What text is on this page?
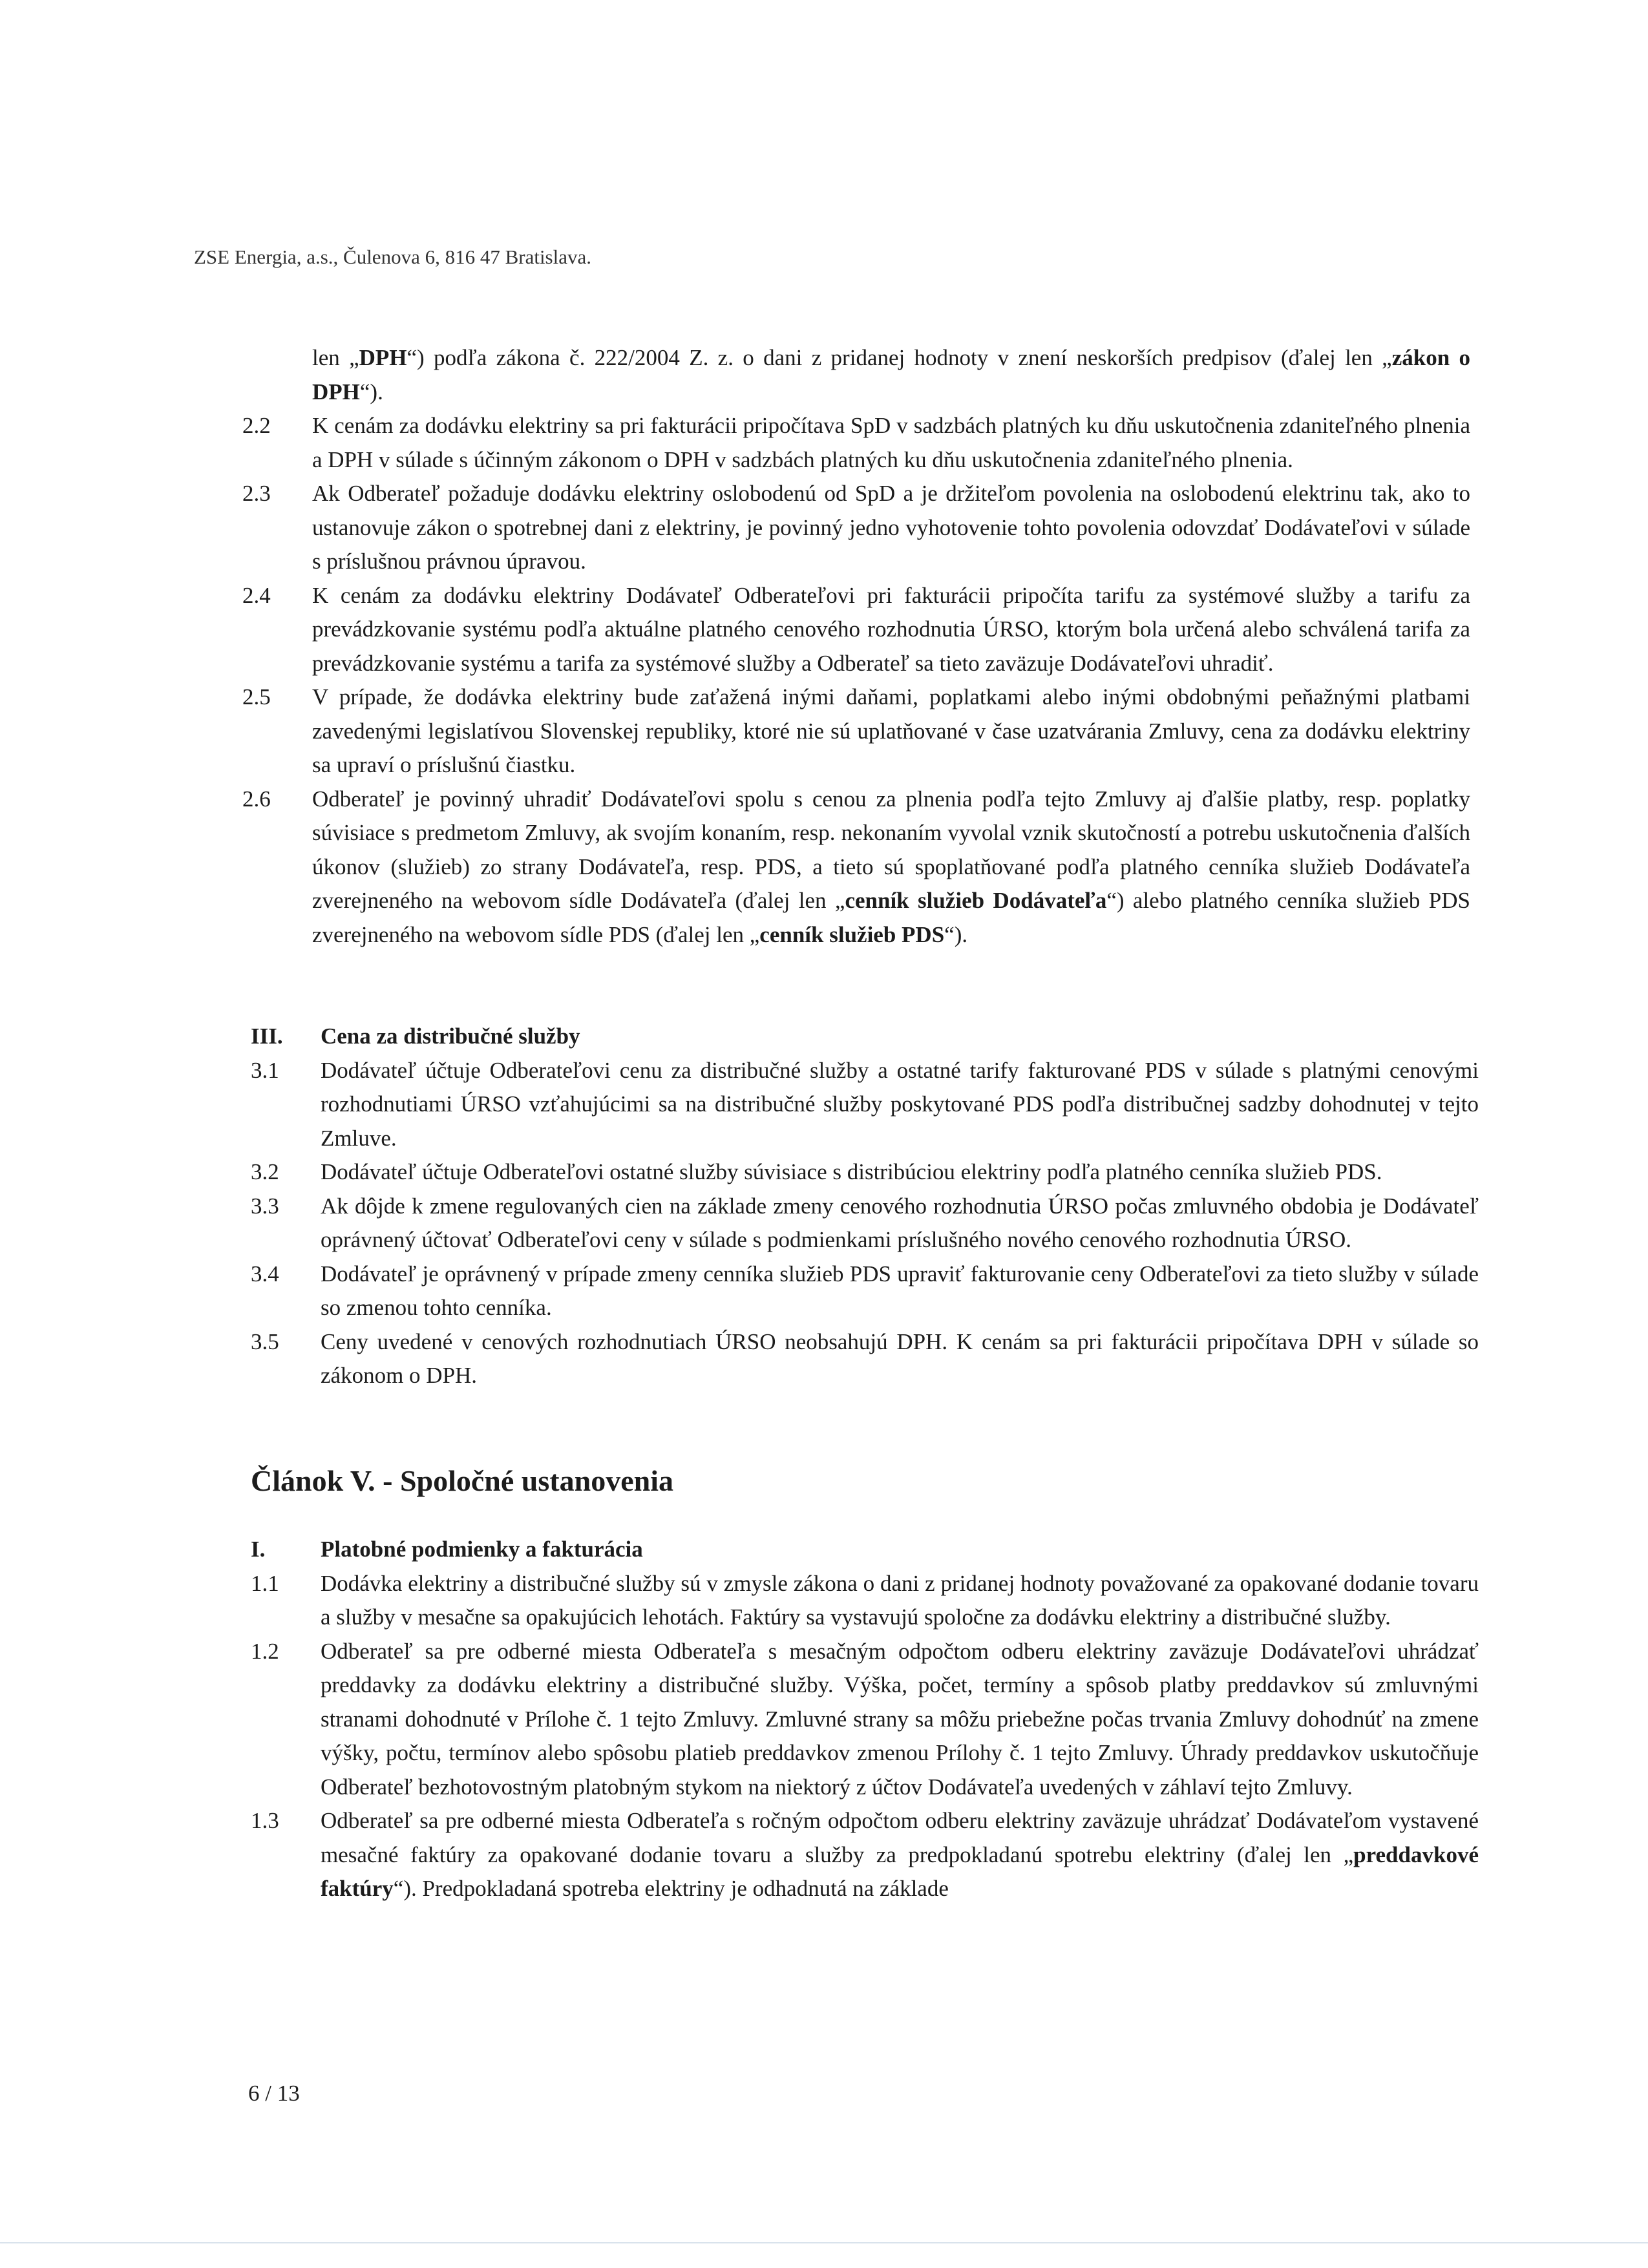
ZSE Energia, a.s., Čulenova 6, 816 47 Bratislava.

len „DPH“) podľa zákona č. 222/2004 Z. z. o dani z pridanej hodnoty v znení neskorších predpisov (ďalej len „zákon o DPH“).

2.2	K cenám za dodávku elektriny sa pri fakturácii pripočítava SpD v sadzbách platných ku dňu uskutočnenia zdaniteľného plnenia a DPH v súlade s účinným zákonom o DPH v sadzbách platných ku dňu uskutočnenia zdaniteľného plnenia.
2.3	Ak Odberateľ požaduje dodávku elektriny oslobodenú od SpD a je držiteľom povolenia na oslobodenú elektrinu tak, ako to ustanovuje zákon o spotrebnej dani z elektriny, je povinný jedno vyhotovenie tohto povolenia odovzdať Dodávateľovi v súlade s príslušnou právnou úpravou.
2.4	K cenám za dodávku elektriny Dodávateľ Odberateľovi pri fakturácii pripočíta tarifu za systémové služby a tarifu za prevádzkovanie systému podľa aktuálne platného cenového rozhodnutia ÚRSO, ktorým bola určená alebo schválená tarifa za prevádzkovanie systému a tarifa za systémové služby a Odberateľ sa tieto zaväzuje Dodávateľovi uhradiť.
2.5	V prípade, že dodávka elektriny bude zaťažená inými daňami, poplatkami alebo inými obdobnými peňažnými platbami zavedenými legislatívou Slovenskej republiky, ktoré nie sú uplatňované v čase uzatvárania Zmluvy, cena za dodávku elektriny sa upraví o príslušnú čiastku.
2.6	Odberateľ je povinný uhradiť Dodávateľovi spolu s cenou za plnenia podľa tejto Zmluvy aj ďalšie platby, resp. poplatky súvisiace s predmetom Zmluvy, ak svojím konaním, resp. nekonaním vyvolal vznik skutočností a potrebu uskutočnenia ďalších úkonov (služieb) zo strany Dodávateľa, resp. PDS, a tieto sú spoplatňované podľa platného cenníka služieb Dodávateľa zverejneného na webovom sídle Dodávateľa (ďalej len „cenník služieb Dodávateľa“) alebo platného cenníka služieb PDS zverejneného na webovom sídle PDS (ďalej len „cenník služieb PDS“).
III.	Cena za distribučné služby
3.1	Dodávateľ účtuje Odberateľovi cenu za distribučné služby a ostatné tarify fakturované PDS v súlade s platnými cenovými rozhodnutiami ÚRSO vzťahujúcimi sa na distribučné služby poskytované PDS podľa distribučnej sadzby dohodnutej v tejto Zmluve.
3.2	Dodávateľ účtuje Odberateľovi ostatné služby súvisiace s distribúciou elektriny podľa platného cenníka služieb PDS.
3.3	Ak dôjde k zmene regulovaných cien na základe zmeny cenového rozhodnutia ÚRSO počas zmluvného obdobia je Dodávateľ oprávnený účtovať Odberateľovi ceny v súlade s podmienkami príslušného nového cenového rozhodnutia ÚRSO.
3.4	Dodávateľ je oprávnený v prípade zmeny cenníka služieb PDS upraviť fakturovanie ceny Odberateľovi za tieto služby v súlade so zmenou tohto cenníka.
3.5	Ceny uvedené v cenových rozhodnutiach ÚRSO neobsahujú DPH. K cenám sa pri fakturácii pripočítava DPH v súlade so zákonom o DPH.
Článok V. - Spoločné ustanovenia
I.	Platobné podmienky a fakturácia
1.1	Dodávka elektriny a distribučné služby sú v zmysle zákona o dani z pridanej hodnoty považované za opakované dodanie tovaru a služby v mesačne sa opakujúcich lehotách. Faktúry sa vystavujú spoločne za dodávku elektriny a distribučné služby.
1.2	Odberateľ sa pre odberné miesta Odberateľa s mesačným odpočtom odberu elektriny zaväzuje Dodávateľovi uhrádzať preddavky za dodávku elektriny a distribučné služby. Výška, počet, termíny a spôsob platby preddavkov sú zmluvnými stranami dohodnuté v Prílohe č. 1 tejto Zmluvy. Zmluvné strany sa môžu priebežne počas trvania Zmluvy dohodnúť na zmene výšky, počtu, termínov alebo spôsobu platieb preddavkov zmenou Prílohy č. 1 tejto Zmluvy. Úhrady preddavkov uskutočňuje Odberateľ bezhotovostným platobným stykom na niektorý z účtov Dodávateľa uvedených v záhlaví tejto Zmluvy.
1.3	Odberateľ sa pre odberné miesta Odberateľa s ročným odpočtom odberu elektriny zaväzuje uhrádzať Dodávateľom vystavené mesačné faktúry za opakované dodanie tovaru a služby za predpokladanú spotrebu elektriny (ďalej len „preddavkové faktúry“). Predpokladaná spotreba elektriny je odhadnutá na základe
6 / 13
